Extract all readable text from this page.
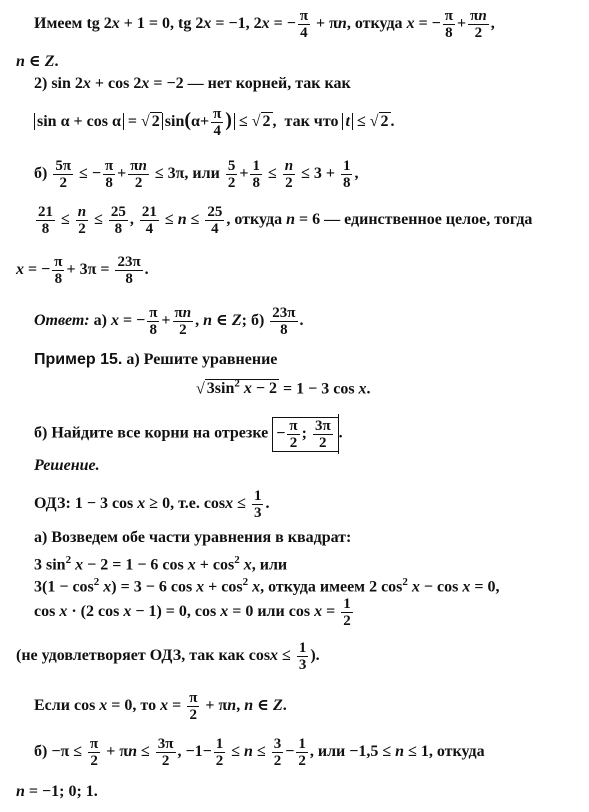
Имеем tg 2x + 1 = 0, tg 2x = −1, 2x = − $\frac{\pi}{4} + \pi n$, откуда x = − $\frac{\pi}{8} + \frac{\pi n}{2}$ ,
n ∈ Z.
2) sin 2x + cos 2x = −2 — нет корней, так как
sin α + cos α = √ 2 $\sin(\alpha+ \frac{\pi}{4}$ ) ≤ √ 2 ,  так что t ≤ √ 2 .
$б) \frac{5\pi}{2}$ ≤ − $\frac{\pi}{8} + \frac{\pi n}{2} \le 3\pi$, или $\frac{5}{2} + \frac{1}{8} \le \frac{n}{2} \le 3 + \frac{1}{8}$ ,
$\frac{21}{8} \le \frac{n}{2} \le \frac{25}{8}$ , $\frac{21}{4} \le n \le \frac{25}{4}$ , откуда n = 6 — единственное целое, тогда
x = − $\frac{\pi}{8} + 3\pi = \frac{23\pi}{8}$ .
Ответ: а) x = − $\frac{\pi}{8} + \frac{\pi n}{2}$ , n ∈ Z; $б) \frac{23\pi}{8}$ .
Пример 15. а) Решите уравнение
√ $3\sin^2$ x − 2 = 1 − 3 cos x.
б) Найдите все корни на отрезке − $\frac{\pi}{2}$ ; $\frac{3\pi}{2}$ .
Решение.
ОДЗ: 1 − 3 cos x ≥ 0, т.е. $\cos x \le \frac{1}{3}$ .
а) Возведем обе части уравнения в квадрат:
3 $\sin^2 x - 2 = 1 - 6$ $\cos x + \cos^2 x$, или
$3(1 - \cos^2 x) = 3 - 6$ $\cos x + \cos^2 x$, откуда имеем 2 $\cos^2 x - \cos x = 0$,
cos x · (2 cos x − 1) = 0, cos x = 0 или $\cos x = \frac{1}{2}$
(не удовлетворяет ОДЗ, так как $\cos x \le \frac{1}{3}$ ).
Если cos x = 0, то $x = \frac{\pi}{2} + \pi n$, n ∈ Z.
$б) -\pi \le \frac{\pi}{2} + \pi n \le \frac{3\pi}{2}$ , $-1- \frac{1}{2} \le n \le \frac{3}{2} - \frac{1}{2}$ , или −1,5 ≤ n ≤ 1, откуда
n = −1; 0; 1.
